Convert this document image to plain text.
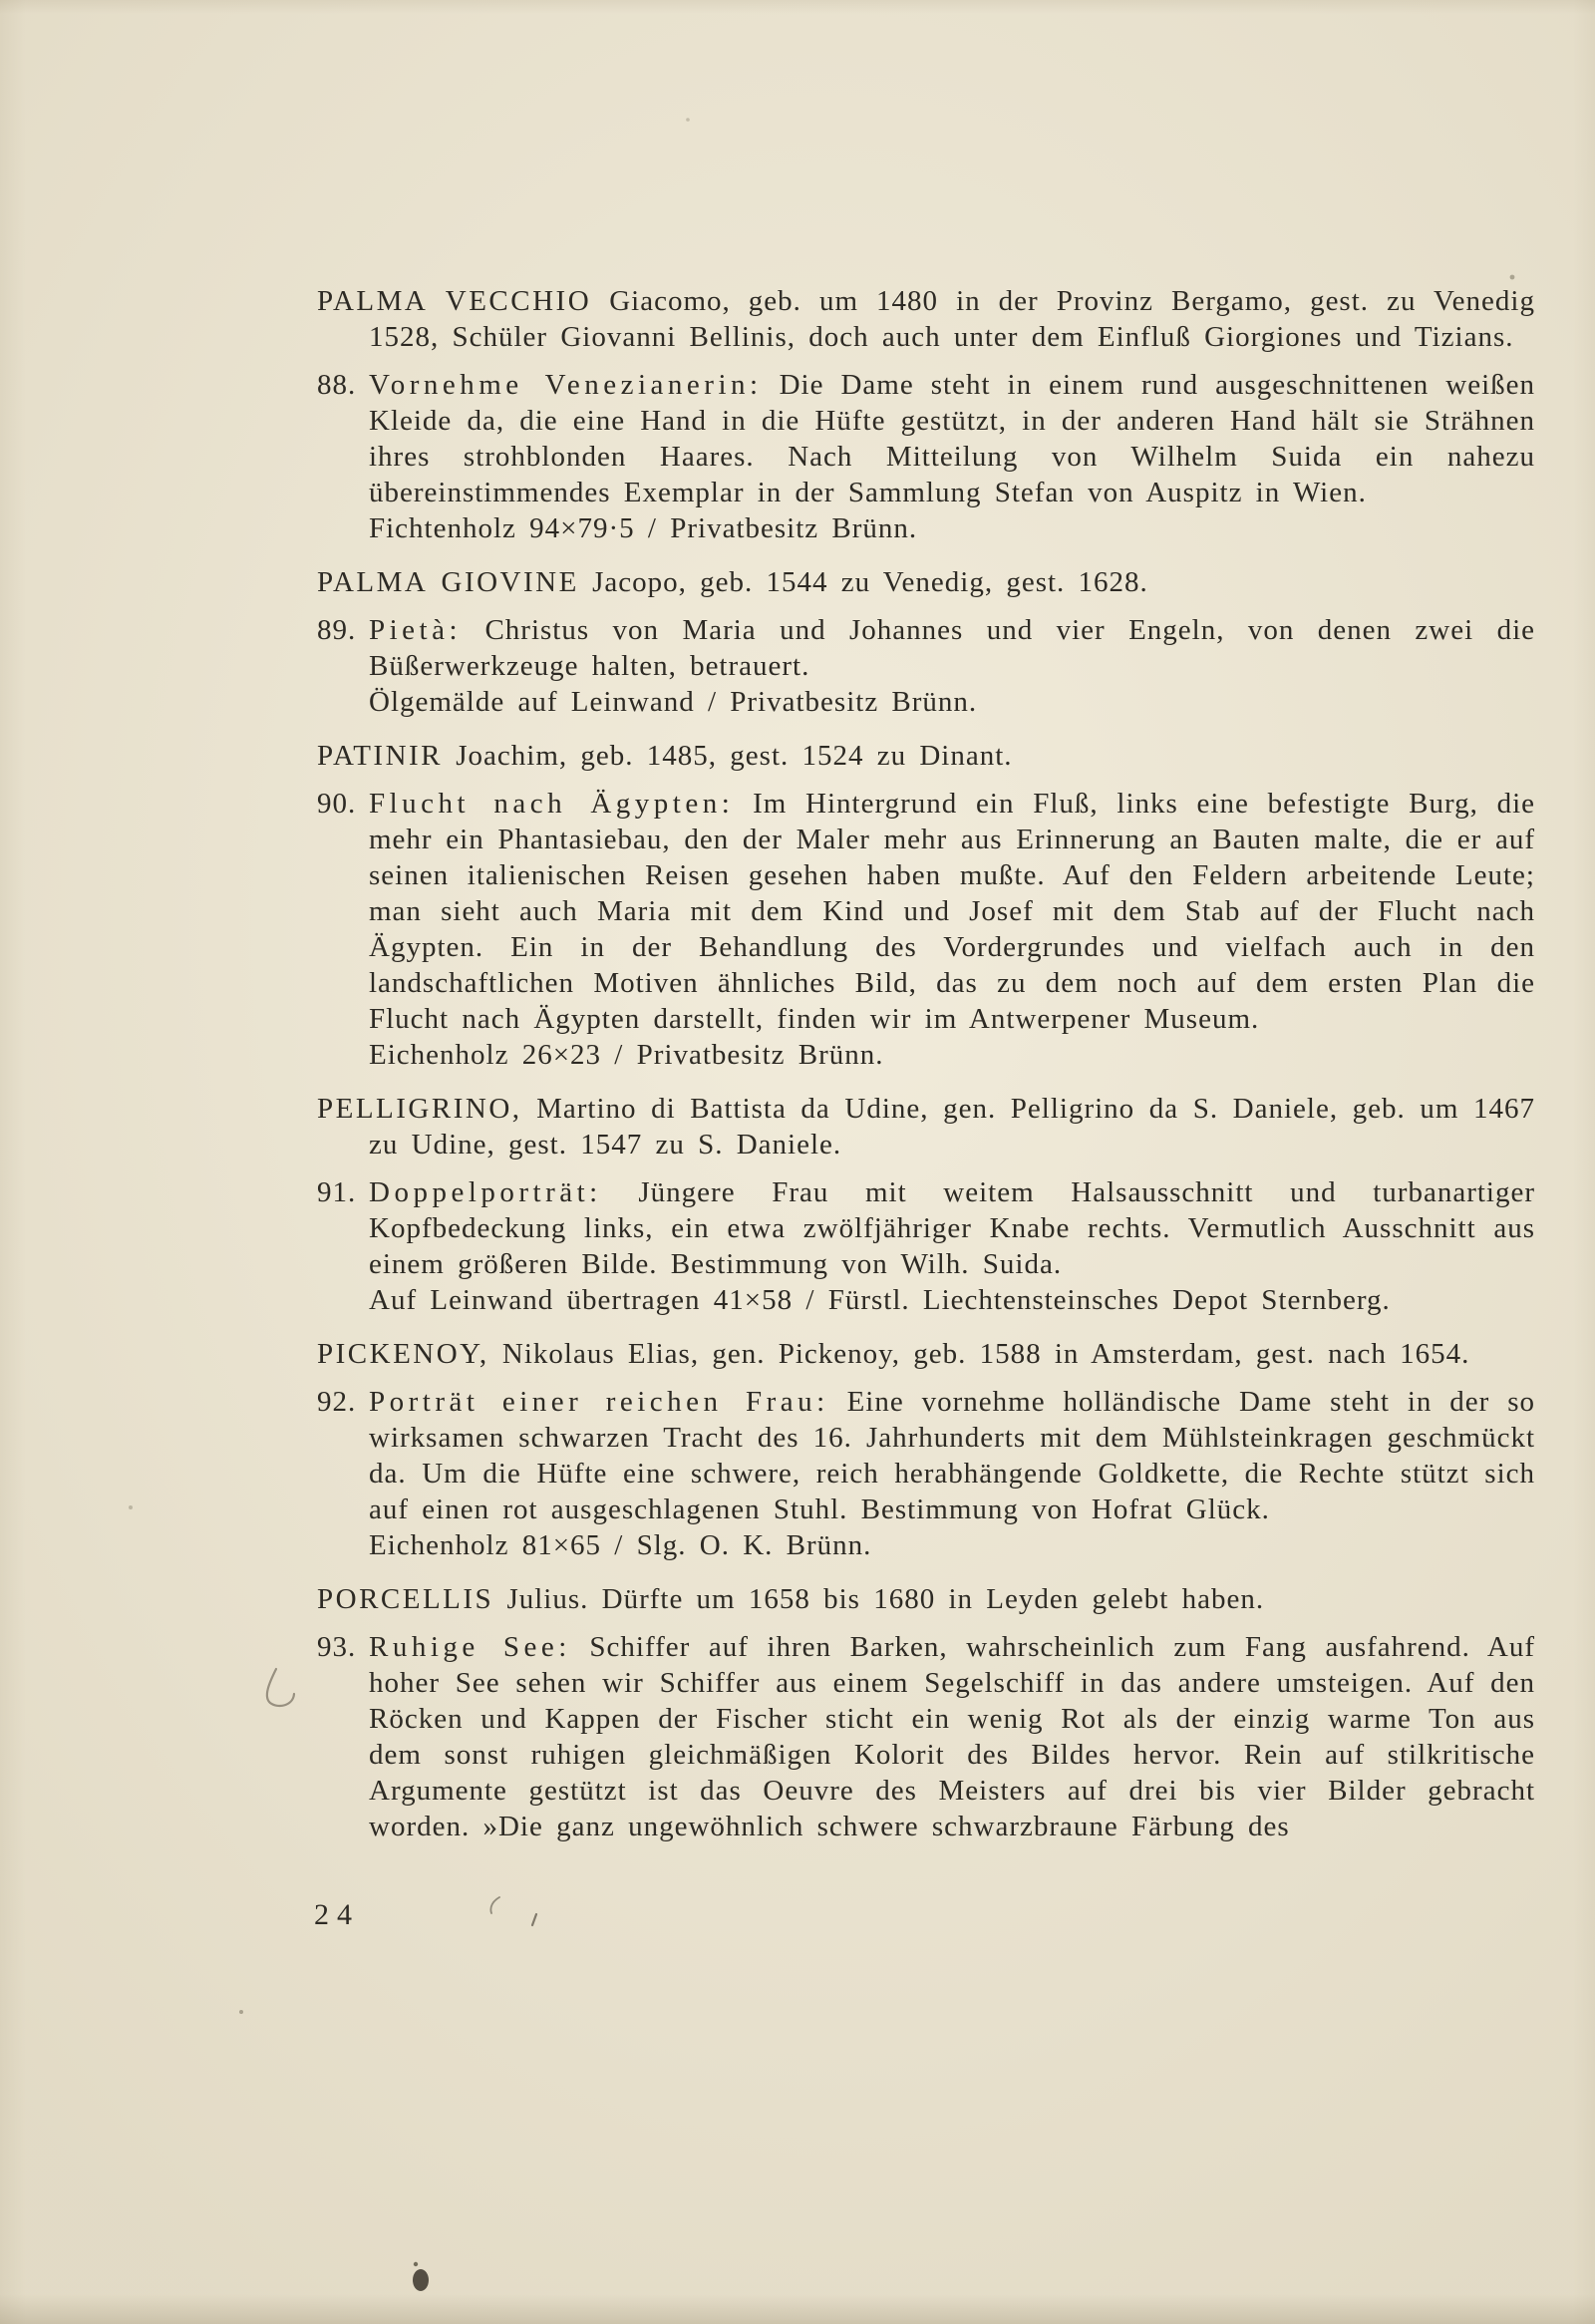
PALMA VECCHIO Giacomo, geb. um 1480 in der Provinz Bergamo, gest. zu Venedig 1528, Schüler Giovanni Bellinis, doch auch unter dem Einfluß Giorgiones und Tizians.

88. Vornehme Venezianerin: Die Dame steht in einem rund ausgeschnittenen weißen Kleide da, die eine Hand in die Hüfte gestützt, in der anderen Hand hält sie Strähnen ihres strohblonden Haares. Nach Mitteilung von Wilhelm Suida ein nahezu übereinstimmendes Exemplar in der Sammlung Stefan von Auspitz in Wien.

Fichtenholz 94×79·5 / Privatbesitz Brünn.

PALMA GIOVINE Jacopo, geb. 1544 zu Venedig, gest. 1628.

89. Pietà: Christus von Maria und Johannes und vier Engeln, von denen zwei die Büßerwerkzeuge halten, betrauert.

Ölgemälde auf Leinwand / Privatbesitz Brünn.

PATINIR Joachim, geb. 1485, gest. 1524 zu Dinant.

90. Flucht nach Ägypten: Im Hintergrund ein Fluß, links eine befestigte Burg, die mehr ein Phantasiebau, den der Maler mehr aus Erinnerung an Bauten malte, die er auf seinen italienischen Reisen gesehen haben mußte. Auf den Feldern arbeitende Leute; man sieht auch Maria mit dem Kind und Josef mit dem Stab auf der Flucht nach Ägypten. Ein in der Behandlung des Vordergrundes und vielfach auch in den landschaftlichen Motiven ähnliches Bild, das zu dem noch auf dem ersten Plan die Flucht nach Ägypten darstellt, finden wir im Antwerpener Museum.

Eichenholz 26×23 / Privatbesitz Brünn.

PELLIGRINO, Martino di Battista da Udine, gen. Pelligrino da S. Daniele, geb. um 1467 zu Udine, gest. 1547 zu S. Daniele.

91. Doppelporträt: Jüngere Frau mit weitem Halsausschnitt und turbanartiger Kopfbedeckung links, ein etwa zwölfjähriger Knabe rechts. Vermutlich Ausschnitt aus einem größeren Bilde. Bestimmung von Wilh. Suida.

Auf Leinwand übertragen 41×58 / Fürstl. Liechtensteinsches Depot Sternberg.

PICKENOY, Nikolaus Elias, gen. Pickenoy, geb. 1588 in Amsterdam, gest. nach 1654.

92. Porträt einer reichen Frau: Eine vornehme holländische Dame steht in der so wirksamen schwarzen Tracht des 16. Jahrhunderts mit dem Mühlsteinkragen geschmückt da. Um die Hüfte eine schwere, reich herabhängende Goldkette, die Rechte stützt sich auf einen rot ausgeschlagenen Stuhl. Bestimmung von Hofrat Glück.

Eichenholz 81×65 / Slg. O. K. Brünn.

PORCELLIS Julius. Dürfte um 1658 bis 1680 in Leyden gelebt haben.

93. Ruhige See: Schiffer auf ihren Barken, wahrscheinlich zum Fang ausfahrend. Auf hoher See sehen wir Schiffer aus einem Segelschiff in das andere umsteigen. Auf den Röcken und Kappen der Fischer sticht ein wenig Rot als der einzig warme Ton aus dem sonst ruhigen gleichmäßigen Kolorit des Bildes hervor. Rein auf stilkritische Argumente gestützt ist das Oeuvre des Meisters auf drei bis vier Bilder gebracht worden. »Die ganz ungewöhnlich schwere schwarzbraune Färbung des

24
